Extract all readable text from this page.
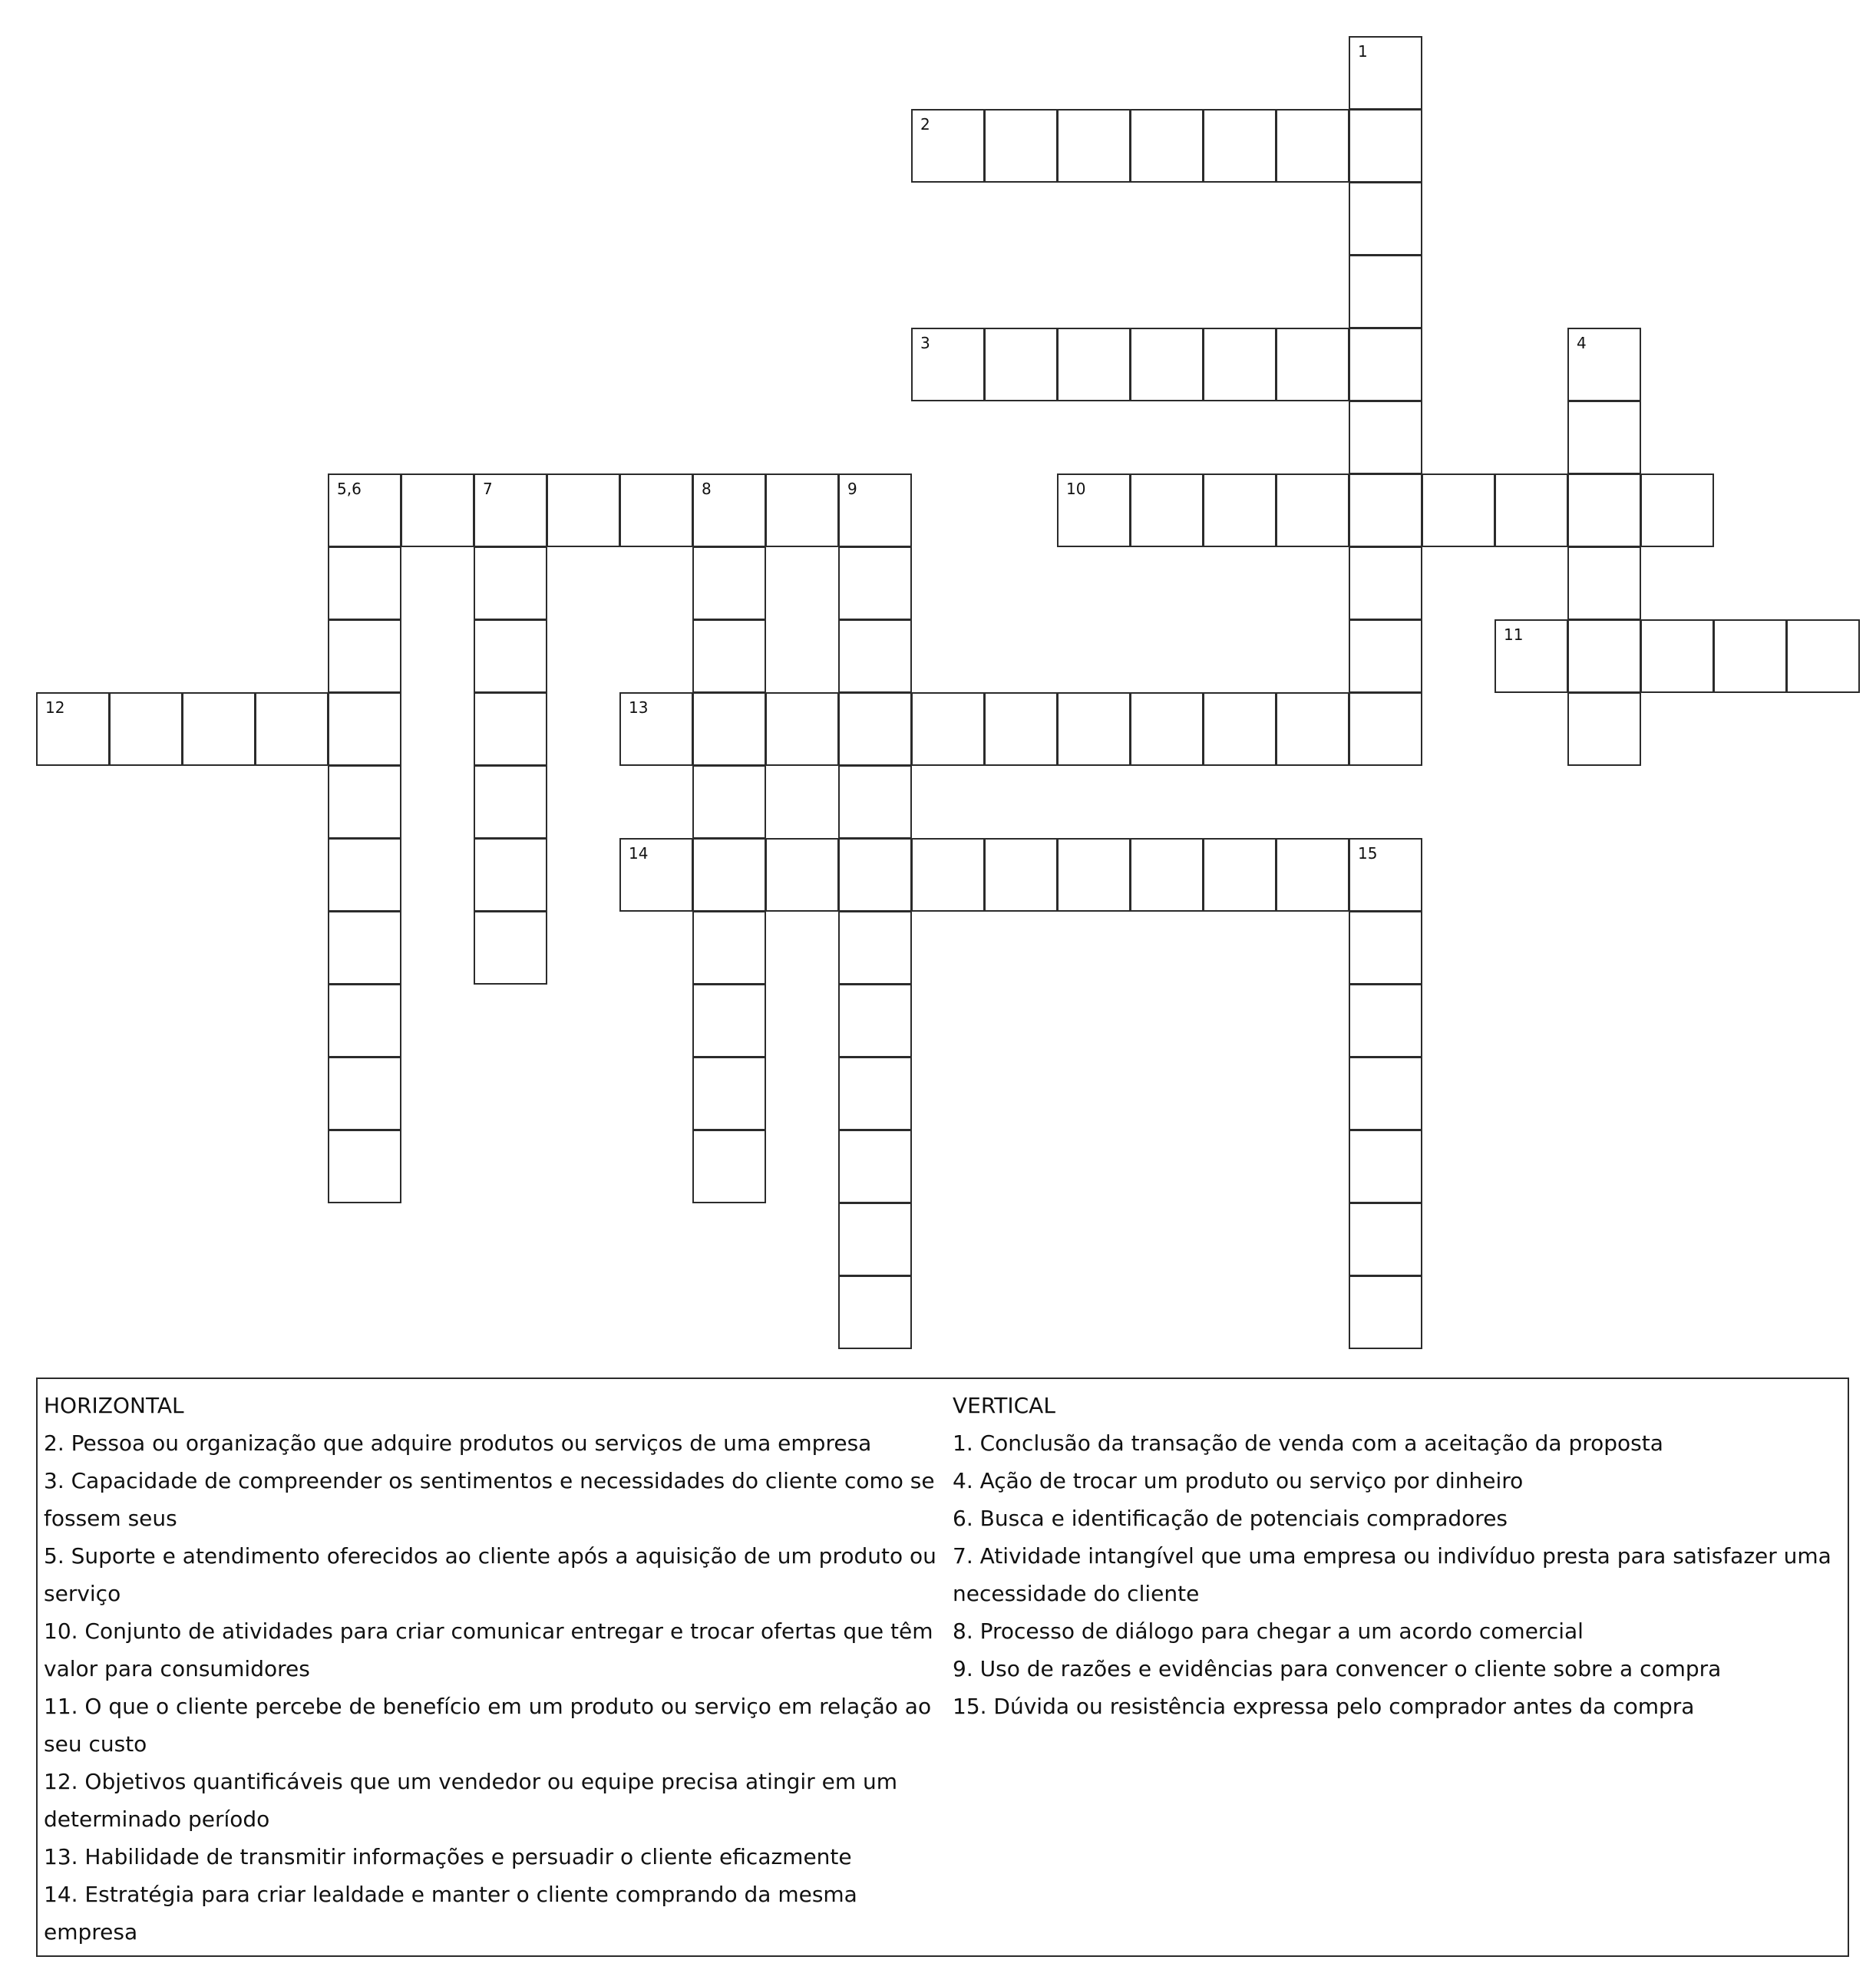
1
2
3	4
5,6	7	8	9	10
11
12	13
14	15
HORIZONTAL
2. Pessoa ou organização que adquire produtos ou serviços de uma empresa
3. Capacidade de compreender os sentimentos e necessidades do cliente como se fossem seus
5. Suporte e atendimento oferecidos ao cliente após a aquisição de um produto ou serviço
10. Conjunto de atividades para criar comunicar entregar e trocar ofertas que têm valor para consumidores
11. O que o cliente percebe de benefício em um produto ou serviço em relação ao seu custo
12. Objetivos quantificáveis que um vendedor ou equipe precisa atingir em um determinado período
13. Habilidade de transmitir informações e persuadir o cliente eficazmente
14. Estratégia para criar lealdade e manter o cliente comprando da mesma empresa
VERTICAL
1. Conclusão da transação de venda com a aceitação da proposta
4. Ação de trocar um produto ou serviço por dinheiro
6. Busca e identificação de potenciais compradores
7. Atividade intangível que uma empresa ou indivíduo presta para satisfazer uma necessidade do cliente
8. Processo de diálogo para chegar a um acordo comercial
9. Uso de razões e evidências para convencer o cliente sobre a compra
15. Dúvida ou resistência expressa pelo comprador antes da compra
